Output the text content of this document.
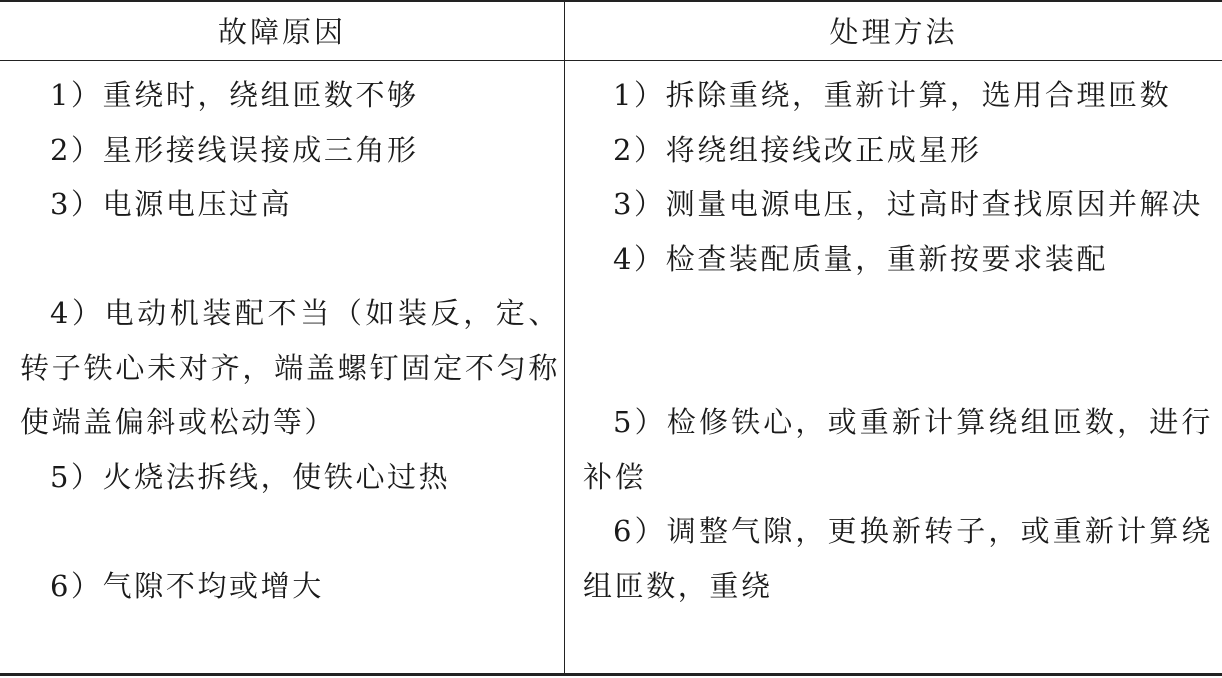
故障原因	处理方法

1）重绕时，绕组匝数不够

2）星形接线误接成三角形

3）电源电压过高

4）电动机装配不当（如装反，定、转子铁心未对齐，端盖螺钉固定不匀称使端盖偏斜或松动等）

5）火烧法拆线，使铁心过热

6）气隙不均或增大

1）拆除重绕，重新计算，选用合理匝数

2）将绕组接线改正成星形

3）测量电源电压，过高时查找原因并解决

4）检查装配质量，重新按要求装配

5）检修铁心，或重新计算绕组匝数，进行补偿

6）调整气隙，更换新转子，或重新计算绕组匝数，重绕
